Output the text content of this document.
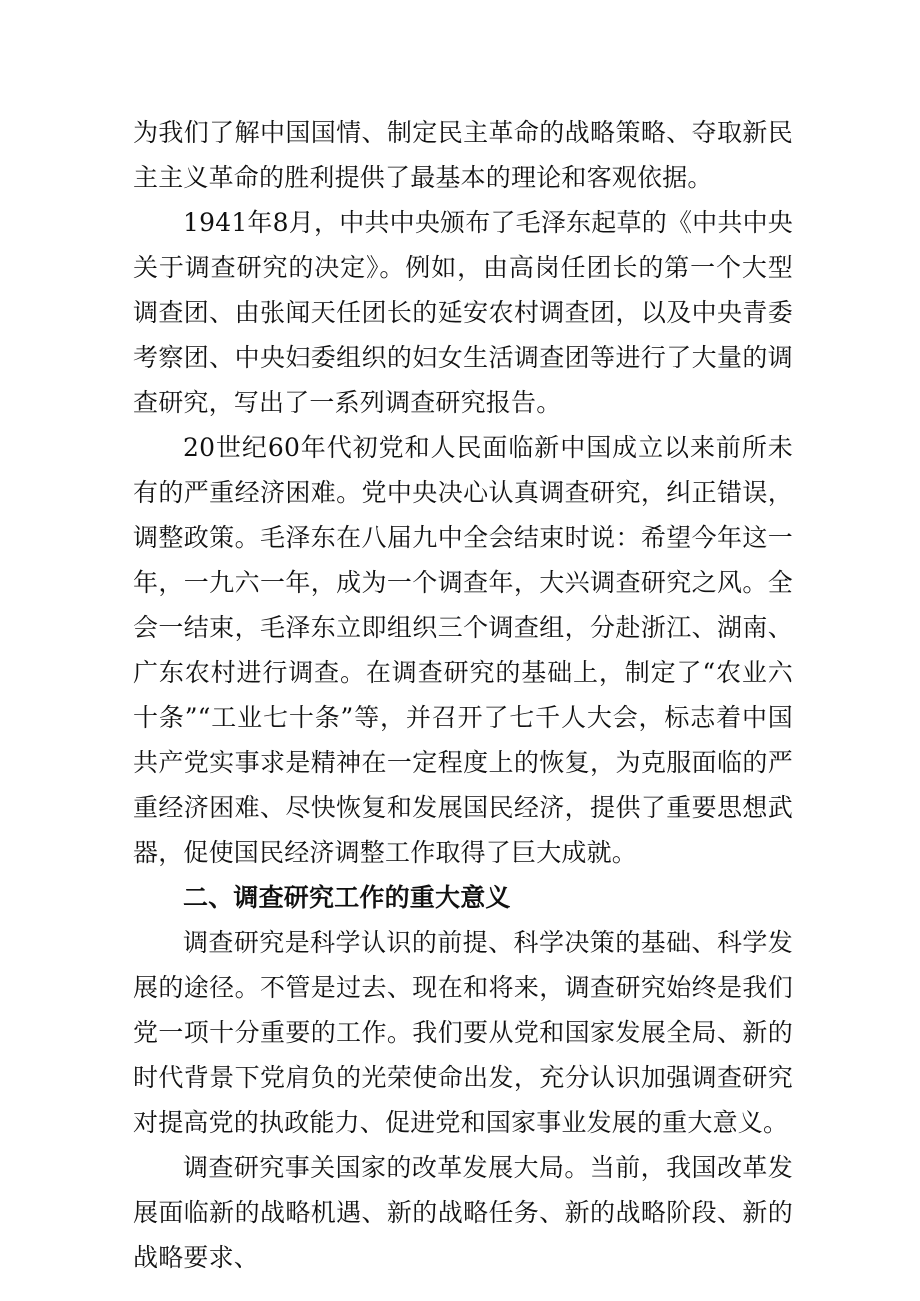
为我们了解中国国情、制定民主革命的战略策略、夺取新民主主义革命的胜利提供了最基本的理论和客观依据。

1941年8月，中共中央颁布了毛泽东起草的《中共中央关于调查研究的决定》。例如，由高岗任团长的第一个大型调查团、由张闻天任团长的延安农村调查团，以及中央青委考察团、中央妇委组织的妇女生活调查团等进行了大量的调查研究，写出了一系列调查研究报告。

20世纪60年代初党和人民面临新中国成立以来前所未有的严重经济困难。党中央决心认真调查研究，纠正错误，调整政策。毛泽东在八届九中全会结束时说：希望今年这一年，一九六一年，成为一个调查年，大兴调查研究之风。全会一结束，毛泽东立即组织三个调查组，分赴浙江、湖南、广东农村进行调查。在调查研究的基础上，制定了“农业六十条”“工业七十条”等，并召开了七千人大会，标志着中国共产党实事求是精神在一定程度上的恢复，为克服面临的严重经济困难、尽快恢复和发展国民经济，提供了重要思想武器，促使国民经济调整工作取得了巨大成就。

二、调查研究工作的重大意义

调查研究是科学认识的前提、科学决策的基础、科学发展的途径。不管是过去、现在和将来，调查研究始终是我们党一项十分重要的工作。我们要从党和国家发展全局、新的时代背景下党肩负的光荣使命出发，充分认识加强调查研究对提高党的执政能力、促进党和国家事业发展的重大意义。

调查研究事关国家的改革发展大局。当前，我国改革发展面临新的战略机遇、新的战略任务、新的战略阶段、新的战略要求、
